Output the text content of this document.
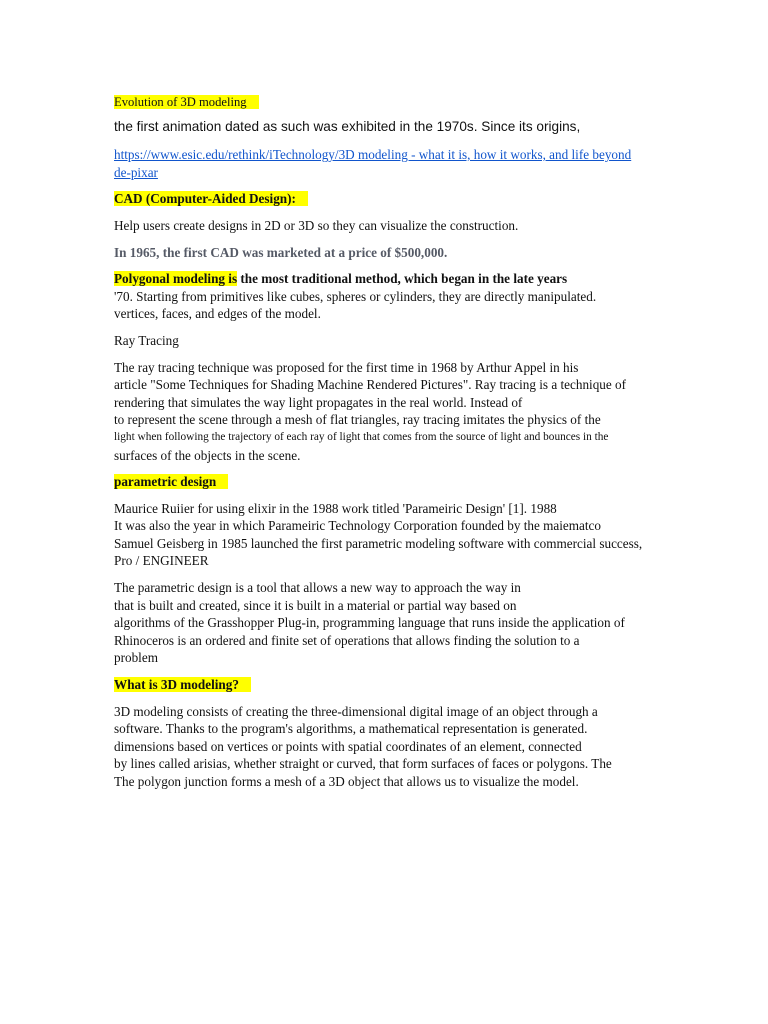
Evolution of 3D modeling
the first animation dated as such was exhibited in the 1970s. Since its origins,
https://www.esic.edu/rethink/iTechnology/3D modeling - what it is, how it works, and life beyond
de-pixar
CAD (Computer-Aided Design):
Help users create designs in 2D or 3D so they can visualize the construction.
In 1965, the first CAD was marketed at a price of $500,000.
Polygonal modeling is the most traditional method, which began in the late years
'70. Starting from primitives like cubes, spheres or cylinders, they are directly manipulated.
vertices, faces, and edges of the model.
Ray Tracing
The ray tracing technique was proposed for the first time in 1968 by Arthur Appel in his
article "Some Techniques for Shading Machine Rendered Pictures". Ray tracing is a technique of
rendering that simulates the way light propagates in the real world. Instead of
to represent the scene through a mesh of flat triangles, ray tracing imitates the physics of the
light when following the trajectory of each ray of light that comes from the source of light and bounces in the
surfaces of the objects in the scene.
parametric design
Maurice Ruiier for using elixir in the 1988 work titled 'Parameiric Design' [1]. 1988
It was also the year in which Parameiric Technology Corporation founded by the maiematco
Samuel Geisberg in 1985 launched the first parametric modeling software with commercial success,
Pro / ENGINEER
The parametric design is a tool that allows a new way to approach the way in
that is built and created, since it is built in a material or partial way based on
algorithms of the Grasshopper Plug-in, programming language that runs inside the application of
Rhinoceros is an ordered and finite set of operations that allows finding the solution to a
problem
What is 3D modeling?
3D modeling consists of creating the three-dimensional digital image of an object through a
software. Thanks to the program's algorithms, a mathematical representation is generated.
dimensions based on vertices or points with spatial coordinates of an element, connected
by lines called arisias, whether straight or curved, that form surfaces of faces or polygons. The
The polygon junction forms a mesh of a 3D object that allows us to visualize the model.
